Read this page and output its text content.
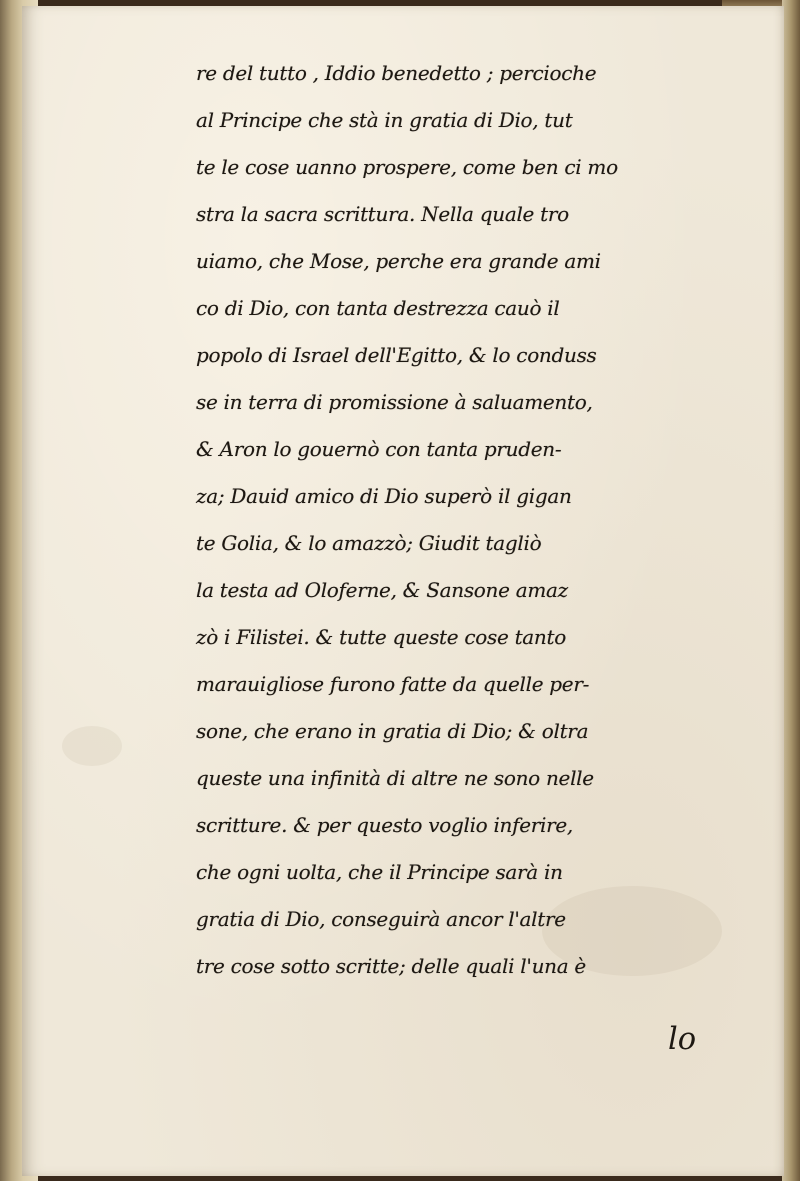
re del tutto , Iddio benedetto ; percioche
al Principe che stà in gratia di Dio, tut
te le cose uanno prospere, come ben ci mo
stra la sacra scrittura. Nella quale tro
uiamo, che Mose, perche era grande ami
co di Dio, con tanta destrezza cauò il
popolo di Israel dell'Egitto, & lo conduss
se in terra di promissione à saluamento,
& Aron lo gouernò con tanta pruden-
za; Dauid amico di Dio superò il gigan
te Golia, & lo amazzò; Giudit tagliò
la testa ad Oloferne, & Sansone amaz
zò i Filistei. & tutte queste cose tanto
marauigliose furono fatte da quelle per-
sone, che erano in gratia di Dio; & oltra
queste una infinità di altre ne sono nelle
scritture. & per questo voglio inferire,
che ogni uolta, che il Principe sarà in
gratia di Dio, conseguirà ancor l'altre
tre cose sotto scritte; delle quali l'una è
lo
